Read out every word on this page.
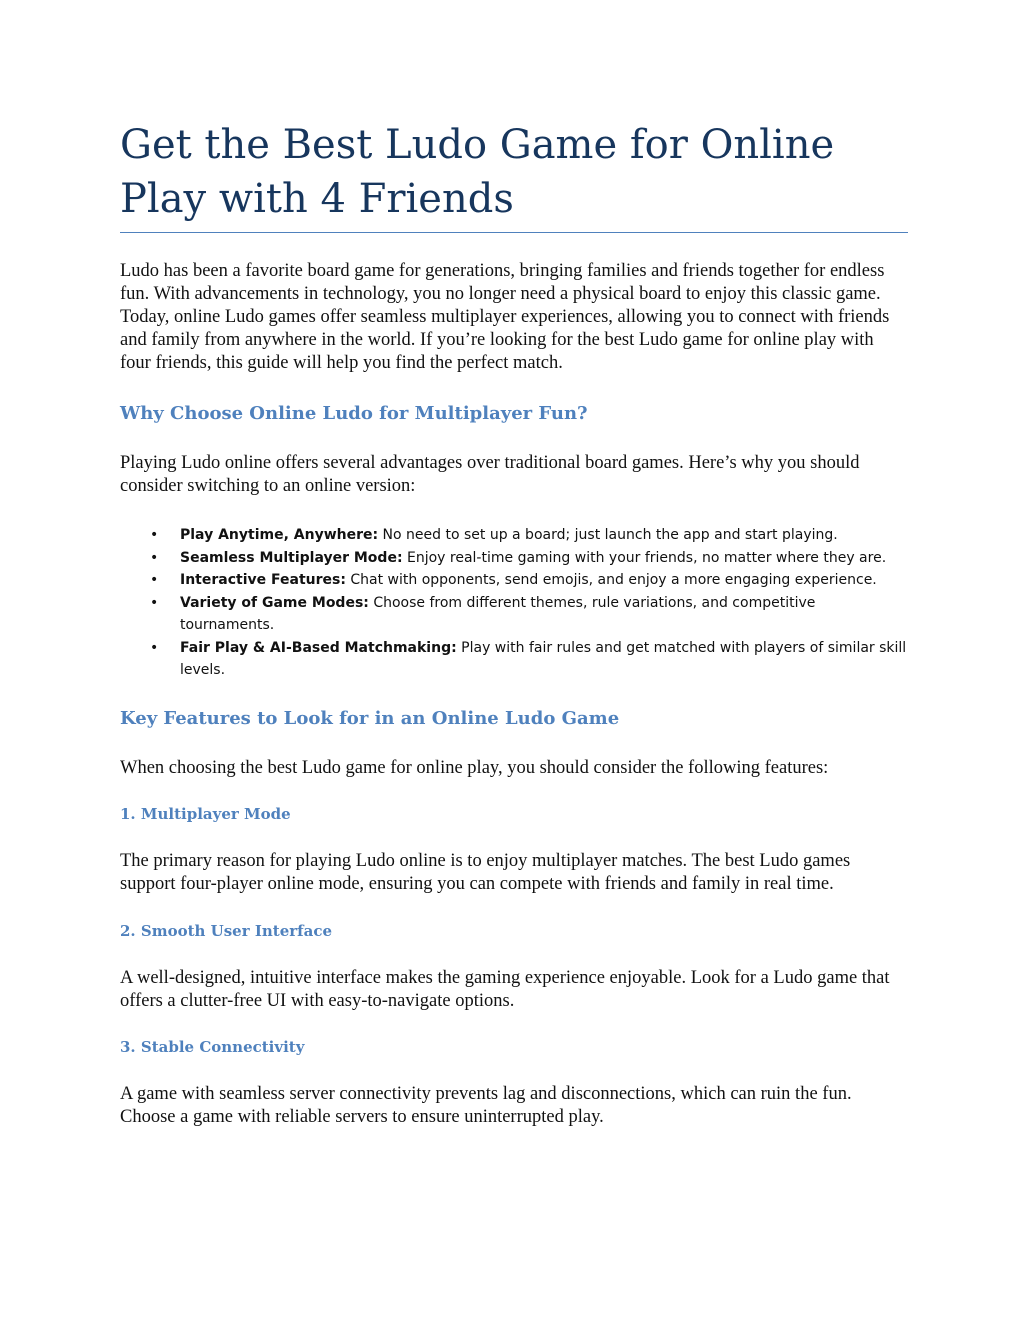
Get the Best Ludo Game for Online Play with 4 Friends

Ludo has been a favorite board game for generations, bringing families and friends together for endless fun. With advancements in technology, you no longer need a physical board to enjoy this classic game. Today, online Ludo games offer seamless multiplayer experiences, allowing you to connect with friends and family from anywhere in the world. If you’re looking for the best Ludo game for online play with four friends, this guide will help you find the perfect match.

Why Choose Online Ludo for Multiplayer Fun?

Playing Ludo online offers several advantages over traditional board games. Here’s why you should consider switching to an online version:

• Play Anytime, Anywhere: No need to set up a board; just launch the app and start playing.
• Seamless Multiplayer Mode: Enjoy real-time gaming with your friends, no matter where they are.
• Interactive Features: Chat with opponents, send emojis, and enjoy a more engaging experience.
• Variety of Game Modes: Choose from different themes, rule variations, and competitive tournaments.
• Fair Play & AI-Based Matchmaking: Play with fair rules and get matched with players of similar skill levels.
Key Features to Look for in an Online Ludo Game

When choosing the best Ludo game for online play, you should consider the following features:

1. Multiplayer Mode

The primary reason for playing Ludo online is to enjoy multiplayer matches. The best Ludo games support four-player online mode, ensuring you can compete with friends and family in real time.

2. Smooth User Interface

A well-designed, intuitive interface makes the gaming experience enjoyable. Look for a Ludo game that offers a clutter-free UI with easy-to-navigate options.

3. Stable Connectivity

A game with seamless server connectivity prevents lag and disconnections, which can ruin the fun. Choose a game with reliable servers to ensure uninterrupted play.
